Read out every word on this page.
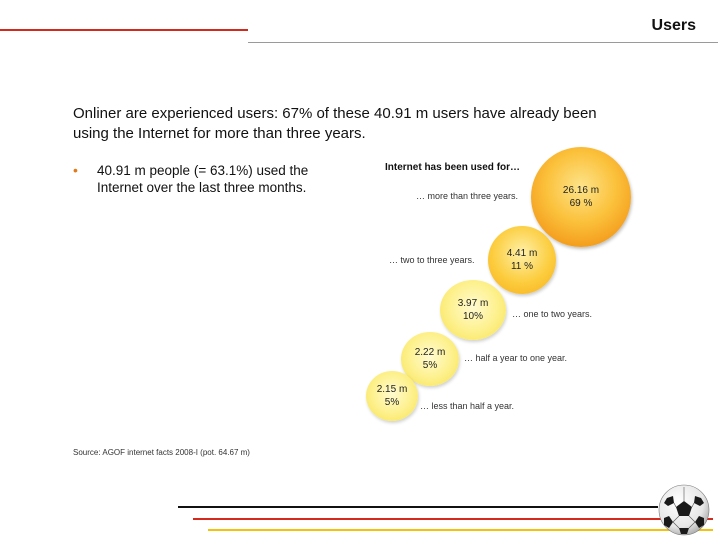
Users
Onliner are experienced users: 67% of these 40.91 m users have already been using the Internet for more than three years.
• 40.91 m people (= 63.1%) used the Internet over the last three months.
Internet has been used for…
26.16 m
69 %
… more than three years.
4.41 m
11 %
… two to three years.
3.97 m
10%	… one to two years.
2.22 m
5%
… half a year to one year.
2.15 m
5% … less than half a year.
Source: AGOF internet facts 2008-I (pot. 64.67 m)
